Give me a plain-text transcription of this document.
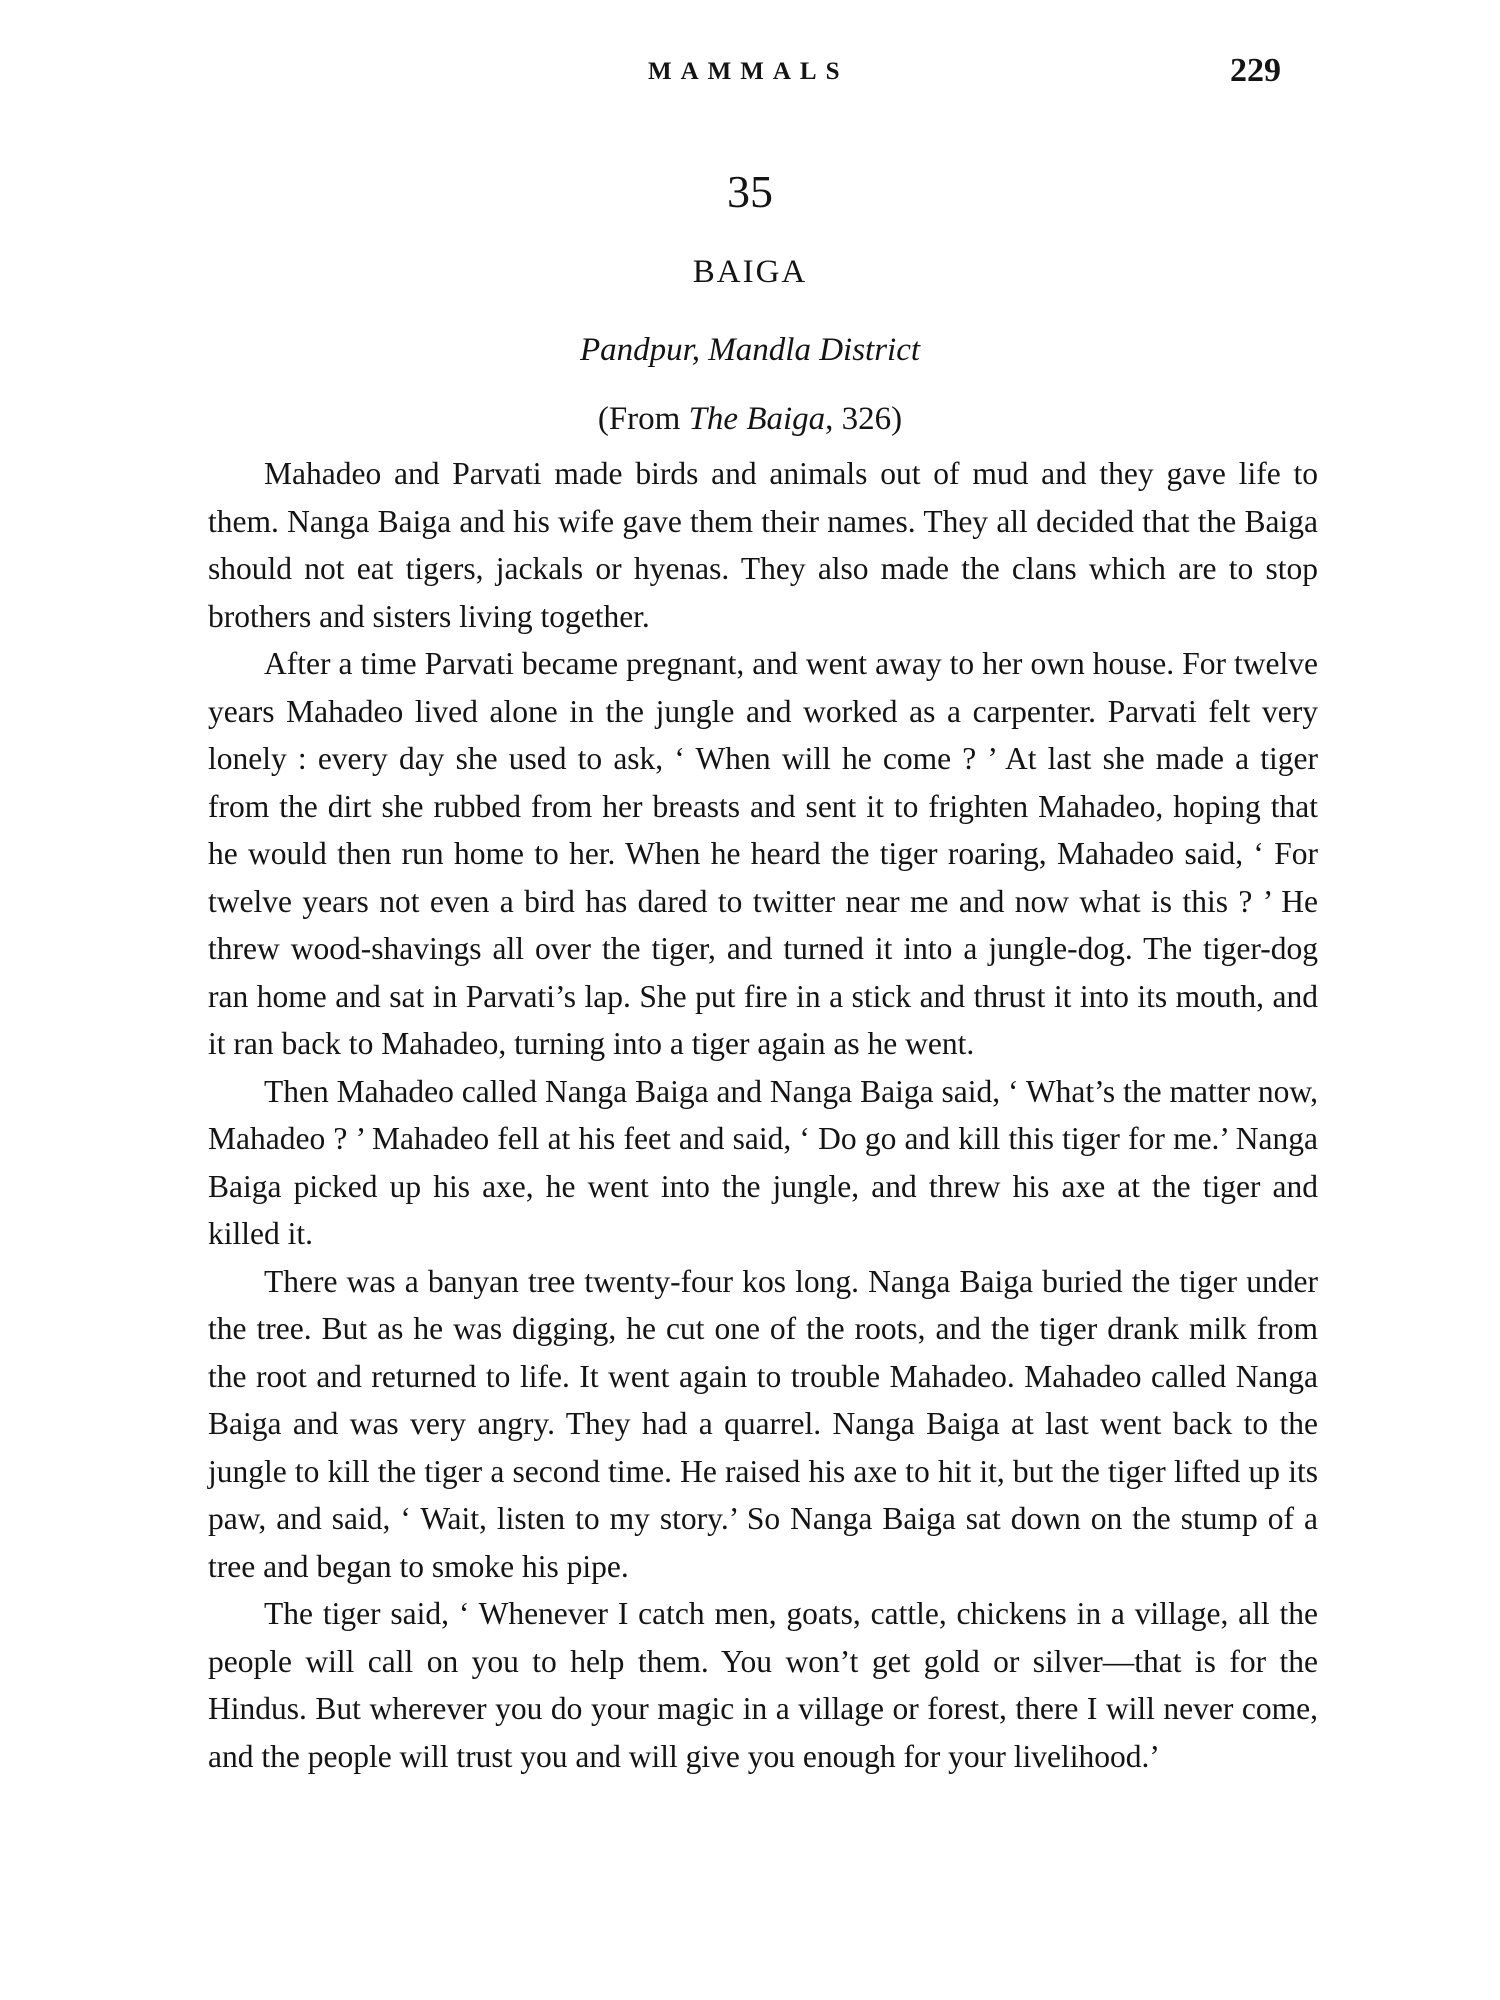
MAMMALS	229
35
BAIGA
Pandpur, Mandla District
(From The Baiga, 326)

Mahadeo and Parvati made birds and animals out of mud and they gave life to them. Nanga Baiga and his wife gave them their names. They all decided that the Baiga should not eat tigers, jackals or hyenas. They also made the clans which are to stop brothers and sisters living together.

After a time Parvati became pregnant, and went away to her own house. For twelve years Mahadeo lived alone in the jungle and worked as a carpenter. Parvati felt very lonely : every day she used to ask, ‘ When will he come ? ’ At last she made a tiger from the dirt she rubbed from her breasts and sent it to frighten Mahadeo, hoping that he would then run home to her. When he heard the tiger roaring, Mahadeo said, ‘ For twelve years not even a bird has dared to twitter near me and now what is this ? ’ He threw wood-shavings all over the tiger, and turned it into a jungle-dog. The tiger-dog ran home and sat in Parvati’s lap. She put fire in a stick and thrust it into its mouth, and it ran back to Mahadeo, turning into a tiger again as he went.

Then Mahadeo called Nanga Baiga and Nanga Baiga said, ‘ What’s the matter now, Mahadeo ? ’ Mahadeo fell at his feet and said, ‘ Do go and kill this tiger for me.’ Nanga Baiga picked up his axe, he went into the jungle, and threw his axe at the tiger and killed it.

There was a banyan tree twenty-four kos long. Nanga Baiga buried the tiger under the tree. But as he was digging, he cut one of the roots, and the tiger drank milk from the root and returned to life. It went again to trouble Mahadeo. Mahadeo called Nanga Baiga and was very angry. They had a quarrel. Nanga Baiga at last went back to the jungle to kill the tiger a second time. He raised his axe to hit it, but the tiger lifted up its paw, and said, ‘ Wait, listen to my story.’ So Nanga Baiga sat down on the stump of a tree and began to smoke his pipe.

The tiger said, ‘ Whenever I catch men, goats, cattle, chickens in a village, all the people will call on you to help them. You won’t get gold or silver—that is for the Hindus. But wherever you do your magic in a village or forest, there I will never come, and the people will trust you and will give you enough for your livelihood.’
